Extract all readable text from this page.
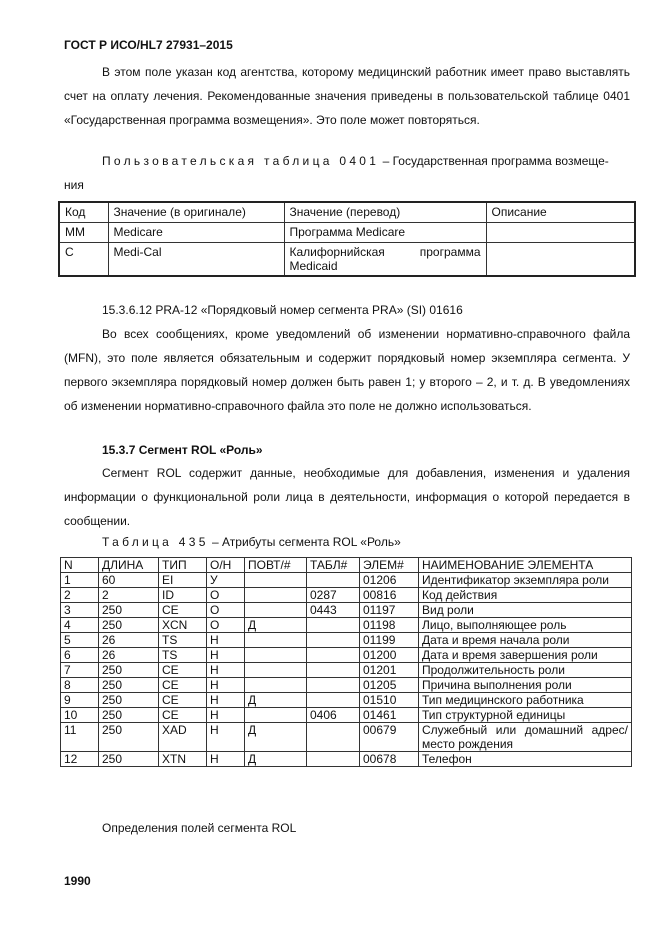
ГОСТ Р ИСО/HL7 27931–2015

В этом поле указан код агентства, которому медицинский работник имеет право выставлять счет на оплату лечения. Рекомендованные значения приведены в пользовательской таблице 0401 «Государственная программа возмещения». Это поле может повторяться.

Пользовательская таблица 0401 – Государственная программа возмеще-
ния
Код	Значение (в оригинале)	Значение (перевод)	Описание
MM	Medicare	Программа Medicare	
C	Medi-Cal	Калифорнийская программа Medicaid	
15.3.6.12 PRA-12 «Порядковый номер сегмента PRA» (SI) 01616

Во всех сообщениях, кроме уведомлений об изменении нормативно-справочного файла (MFN), это поле является обязательным и содержит порядковый номер экземпляра сегмента. У первого экземпляра порядковый номер должен быть равен 1; у второго – 2, и т. д. В уведомлениях об изменении нормативно-справочного файла это поле не должно использоваться.

15.3.7 Сегмент ROL «Роль»

Сегмент ROL содержит данные, необходимые для добавления, изменения и удаления информации о функциональной роли лица в деятельности, информация о которой передается в сообщении.

Таблица 435 – Атрибуты сегмента ROL «Роль»
N	ДЛИНА	ТИП	О/Н	ПОВТ/#	ТАБЛ#	ЭЛЕМ#	НАИМЕНОВАНИЕ ЭЛЕМЕНТА
1	60	EI	У			01206	Идентификатор экземпляра роли
2	2	ID	О		0287	00816	Код действия
3	250	CE	О		0443	01197	Вид роли
4	250	XCN	О	Д		01198	Лицо, выполняющее роль
5	26	TS	Н			01199	Дата и время начала роли
6	26	TS	Н			01200	Дата и время завершения роли
7	250	CE	Н			01201	Продолжительность роли
8	250	CE	Н			01205	Причина выполнения роли
9	250	CE	Н	Д		01510	Тип медицинского работника
10	250	CE	Н		0406	01461	Тип структурной единицы
11	250	XAD	Н	Д		00679	Служебный или домашний адрес/место рождения
12	250	XTN	Н	Д		00678	Телефон
Определения полей сегмента ROL
1990
